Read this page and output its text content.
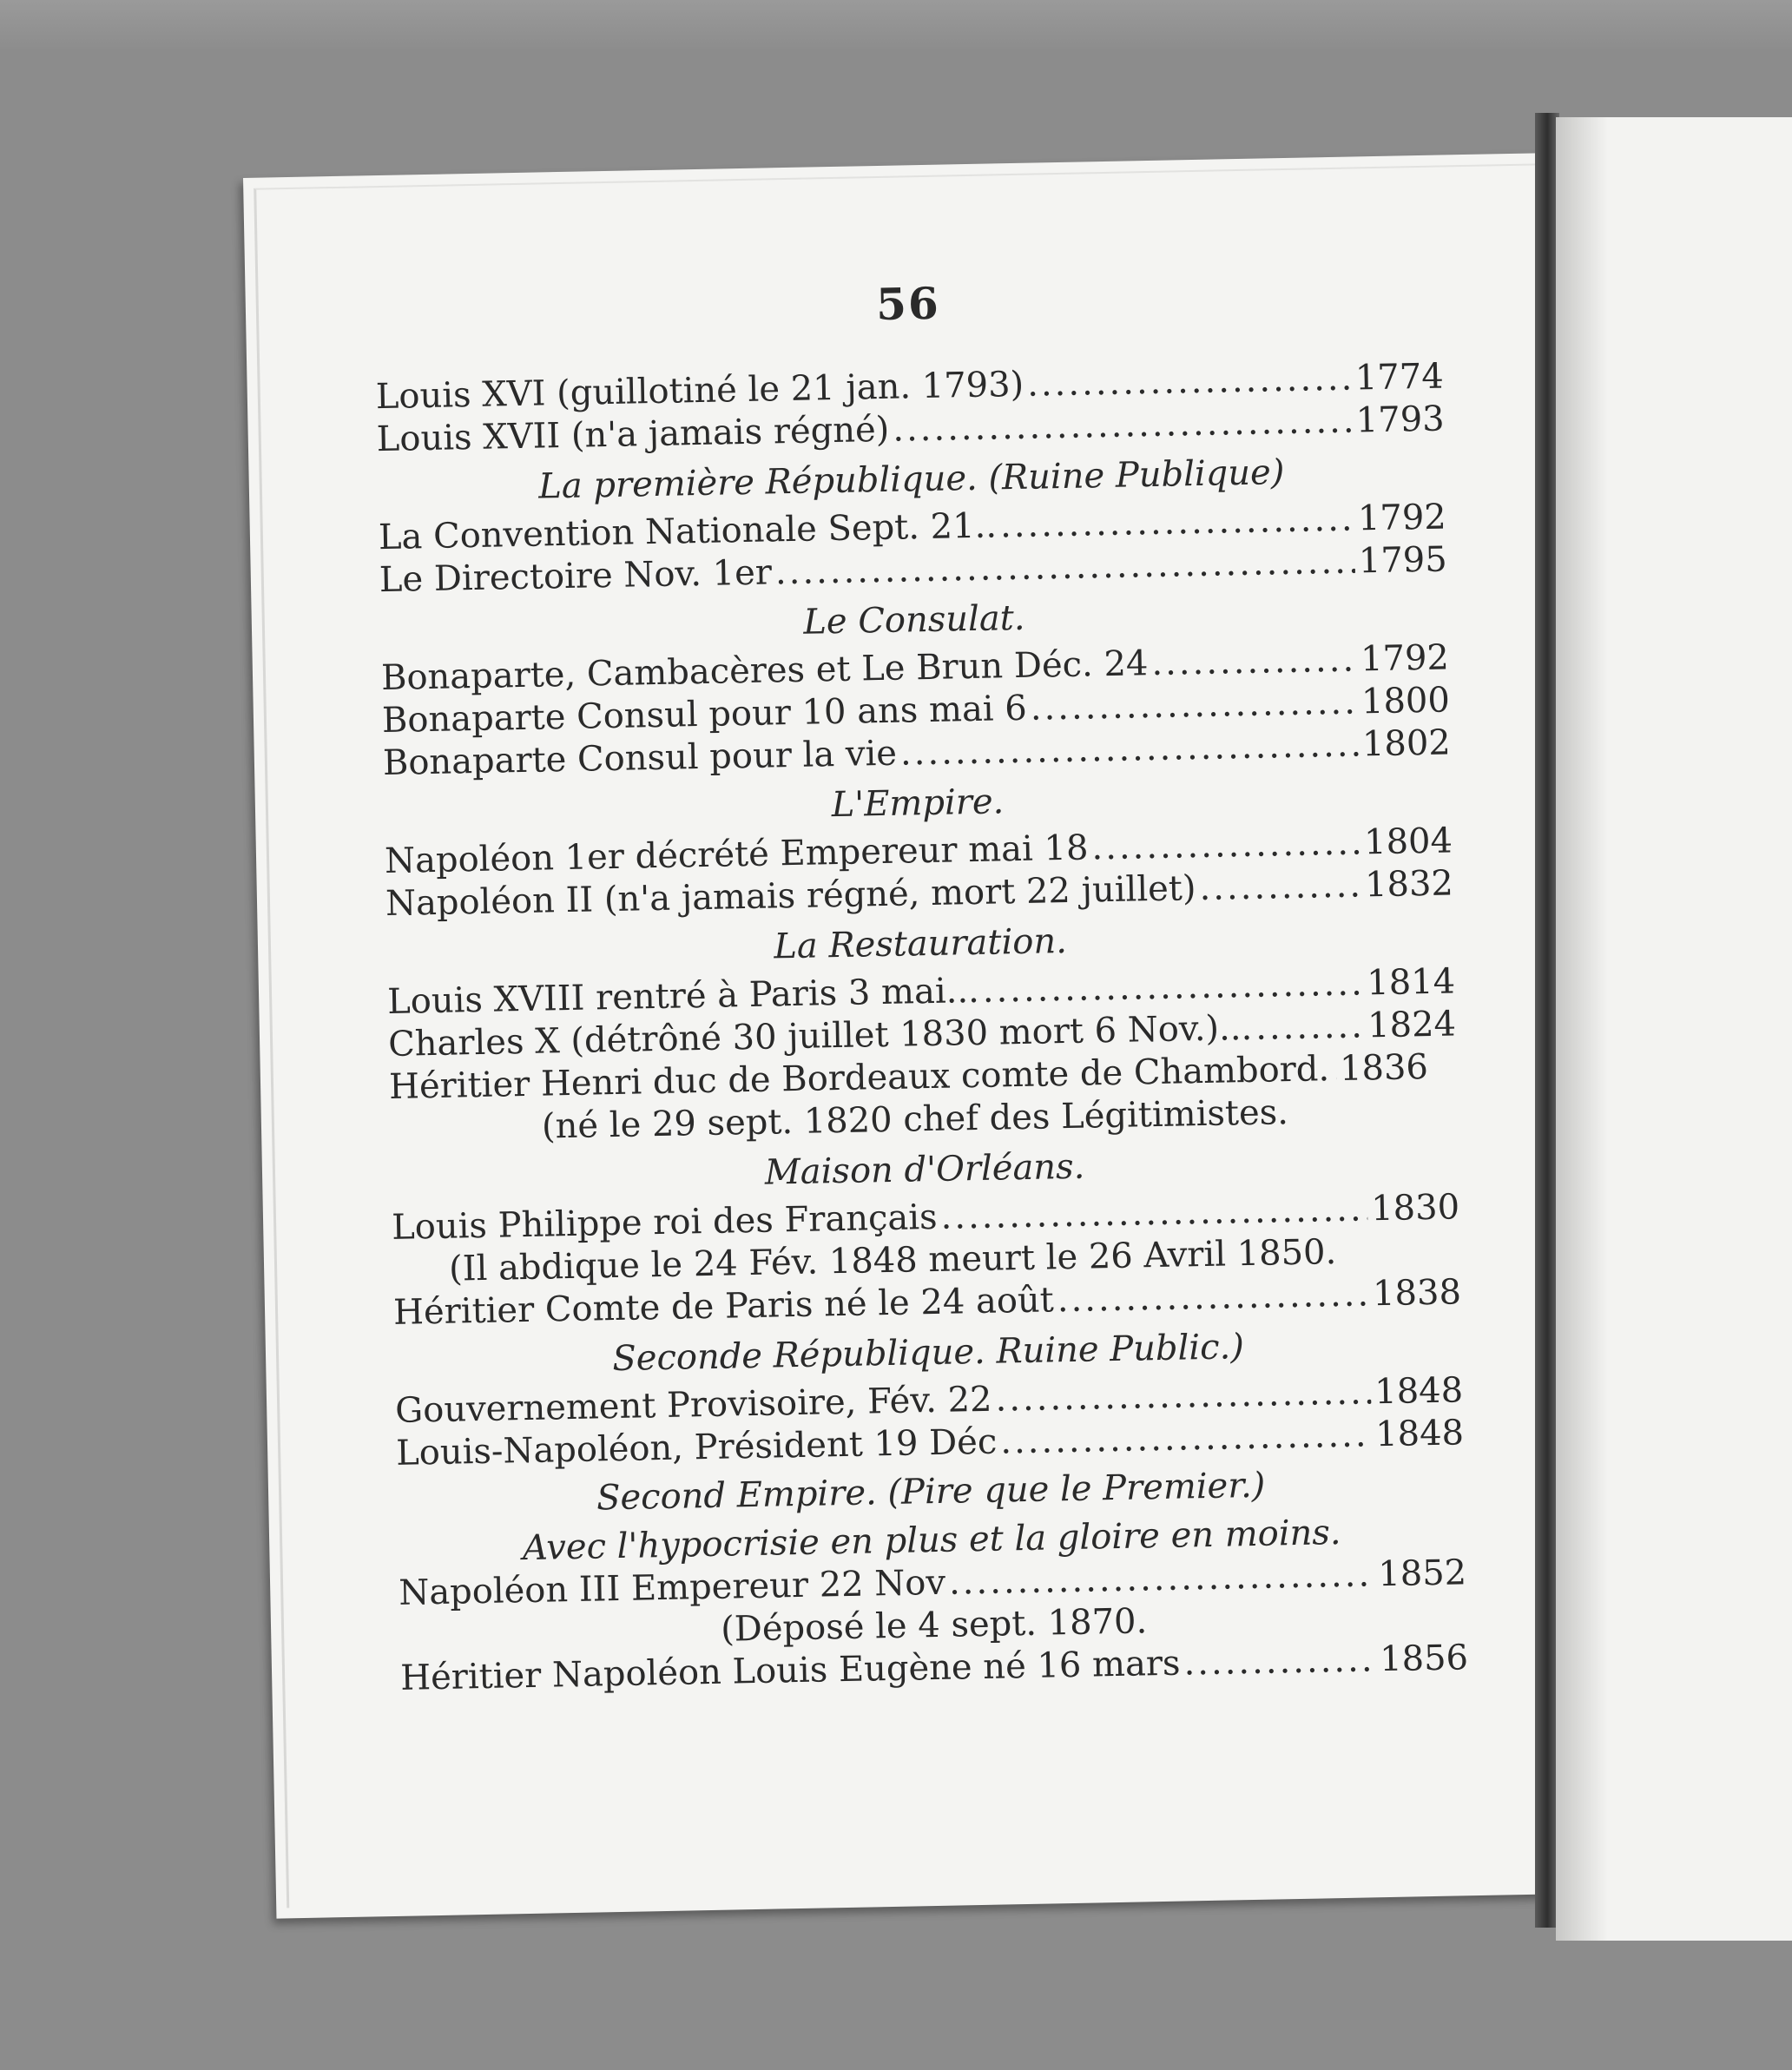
56
Louis XVI (guillotiné le 21 jan. 1793) .....	1774
Louis XVII (n'a jamais régné) .....	1793
La première République. (Ruine Publique)
La Convention Nationale Sept. 21.. .....	1792
Le Directoire Nov. 1er .....	1795
Le Consulat.
Bonaparte, Cambacères et Le Brun Déc. 24 .....	1792
Bonaparte Consul pour 10 ans mai 6 .....	1800
Bonaparte Consul pour la vie .....	1802
L'Empire.
Napoléon 1er décrété Empereur mai 18 .....	1804
Napoléon II (n'a jamais régné, mort 22 juillet) .....	1832
La Restauration.
Louis XVIII rentré à Paris 3 mai... .....	1814
Charles X (détrôné 30 juillet 1830 mort 6 Nov.)... .....	1824
Héritier Henri duc de Bordeaux comte de Chambord. ..... 1836
(né le 29 sept. 1820 chef des Légitimistes.
Maison d'Orléans.
Louis Philippe roi des Français .....	1830
(Il abdique le 24 Fév. 1848 meurt le 26 Avril 1850.
Héritier Comte de Paris né le 24 août .....	1838
Seconde République. Ruine Public.)
Gouvernement Provisoire, Fév. 22 .....	1848
Louis-Napoléon, Président 19 Déc .....	1848
Second Empire. (Pire que le Premier.)
Avec l'hypocrisie en plus et la gloire en moins.
Napoléon III Empereur 22 Nov .....	1852
(Déposé le 4 sept. 1870.
Héritier Napoléon Louis Eugène né 16 mars .....	1856
